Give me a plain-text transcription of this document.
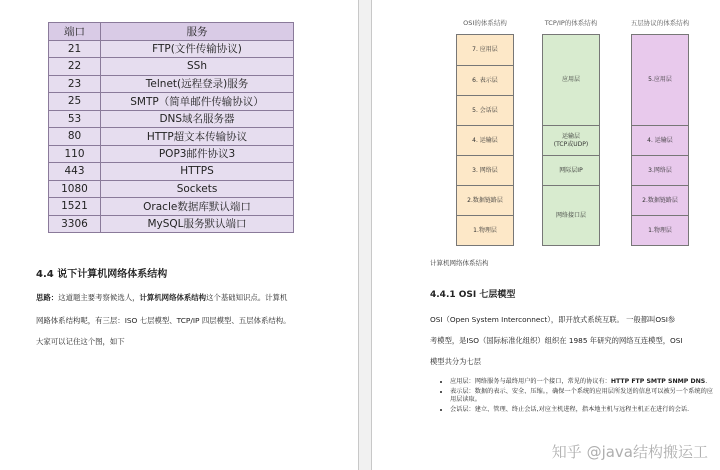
端口	服务
21	FTP(文件传输协议)
22	SSh
23	Telnet(远程登录)服务
25	SMTP（简单邮件传输协议）
53	DNS域名服务器
80	HTTP超文本传输协议
110	POP3邮件协议3
443	HTTPS
1080	Sockets
1521	Oracle数据库默认端口
3306	MySQL服务默认端口
4.4 说下计算机网络体系结构
思路：这道题主要考察候选人，计算机网络体系结构这个基础知识点。计算机
网路体系结构呢，有三层：ISO 七层模型、TCP/IP 四层模型、五层体系结构。
大家可以记住这个图，如下
OSI的体系结构	TCP/IP的体系结构	五层协议的体系结构
7. 应用层
6. 表示层
5. 会话层
4. 运输层
3. 网络层
2.数据链路层
1.物理层
应用层
运输层
(TCP或UDP)
网际层IP
网络接口层
5.应用层
4. 运输层
3.网络层
2.数据链路层
1.物理层
计算机网络体系结构
4.4.1 OSI 七层模型
OSI（Open System Interconnect），即开放式系统互联。 一般都叫OSI参
考模型，是ISO（国际标准化组织）组织在 1985 年研究的网络互连模型，OSI
模型共分为七层
• 应用层：网络服务与最终用户的一个接口，常见的协议有：HTTP FTP SMTP SNMP DNS.
• 表示层：数据的表示、安全、压缩。，确保一个系统的应用层所发送的信息可以被另一个系统的应用层读取。
• 会话层：建立、管理、终止会话,对应主机进程，指本地主机与远程主机正在进行的会话.
知乎 @java结构搬运工
